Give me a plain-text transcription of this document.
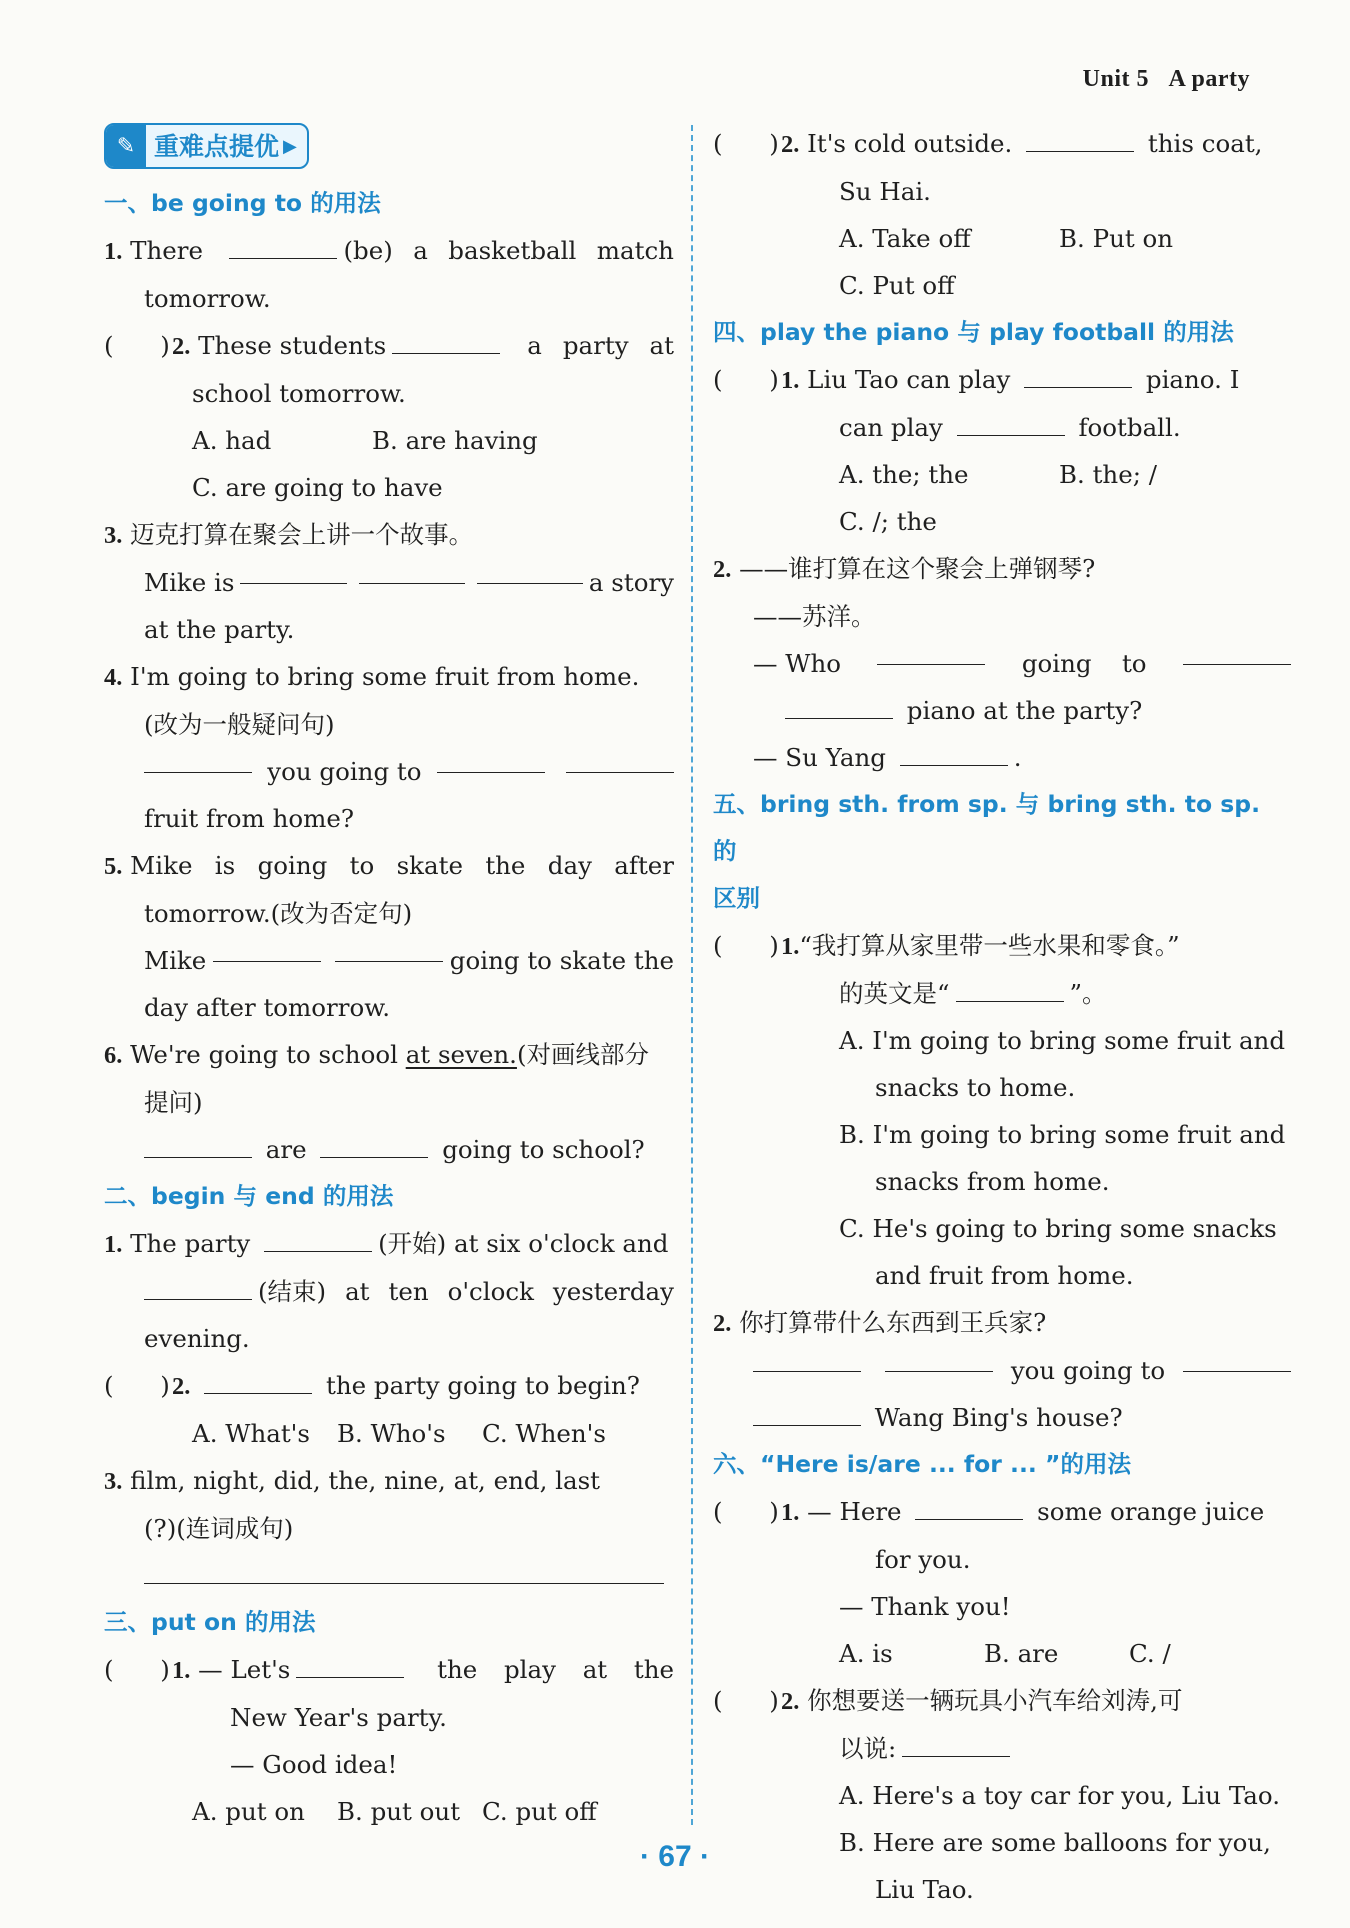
Unit 5 A party
✎ 重难点提优 ▶

一、be going to 的用法

1. There	(be) a basketball match

tomorrow.

( )2. These students	a party at

school tomorrow.

A. had	B. are having

C. are going to have

3. 迈克打算在聚会上讲一个故事。

Mike is	a story

at the party.

4. I'm going to bring some fruit from home.

(改为一般疑问句)

you going to

fruit from home?

5. Mike is going to skate the day after

tomorrow.(改为否定句)

Mike	going to skate the

day after tomorrow.

6. We're going to school at seven.(对画线部分

提问)

are	going to school?

二、begin 与 end 的用法

1. The party	(开始) at six o'clock and

(结束) at ten o'clock yesterday

evening.

( )2.	the party going to begin?

A. What's	B. Who's	C. When's

3. film, night, did, the, nine, at, end, last

(?)(连词成句)

三、put on 的用法

( )1. — Let's	the play at the

New Year's party.

— Good idea!

A. put on	B. put out C. put off

( )2. It's cold outside.	this coat,

Su Hai.

A. Take off	B. Put on

C. Put off

四、play the piano 与 play football 的用法

( )1. Liu Tao can play	piano. I

can play	football.

A. the; the	B. the; /

C. /; the

2. ——谁打算在这个聚会上弹钢琴?

——苏洋。

— Who	going to

piano at the party?

— Su Yang	.

五、bring sth. from sp. 与 bring sth. to sp. 的

区别

( )1.“我打算从家里带一些水果和零食。”

的英文是“	”。

A. I'm going to bring some fruit and

snacks to home.

B. I'm going to bring some fruit and

snacks from home.

C. He's going to bring some snacks

and fruit from home.

2. 你打算带什么东西到王兵家?

you going to

Wang Bing's house?

六、“Here is/are ... for ... ”的用法

( )1. — Here	some orange juice

for you.

— Thank you!

A. is	B. are	C. /

( )2. 你想要送一辆玩具小汽车给刘涛,可

以说:

A. Here's a toy car for you, Liu Tao.

B. Here are some balloons for you,

Liu Tao.

· 67 ·
